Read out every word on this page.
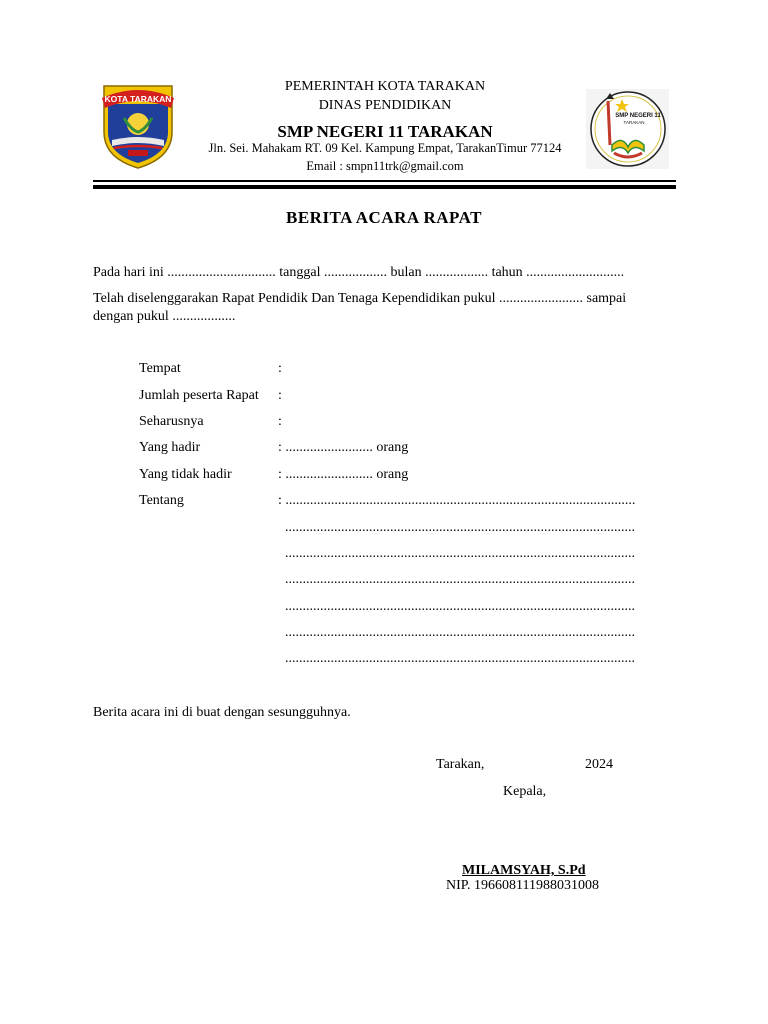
KOTA TARAKAN
SMP NEGERI 11
TARAKAN
PEMERINTAH KOTA TARAKAN
DINAS PENDIDIKAN
SMP NEGERI 11 TARAKAN
Jln. Sei. Mahakam RT. 09 Kel. Kampung Empat, TarakanTimur 77124
Email : smpn11trk@gmail.com
BERITA ACARA RAPAT
Pada hari ini ............................... tanggal .................. bulan .................. tahun ............................
Telah diselenggarakan Rapat Pendidik Dan Tenaga Kependidikan pukul ........................ sampai
dengan pukul ..................
Tempat	:
Jumlah peserta Rapat :
Seharusnya	:
Yang hadir	: ......................... orang
Yang tidak hadir	: ......................... orang
Tentang	: ....................................................................................................
....................................................................................................
....................................................................................................
....................................................................................................
....................................................................................................
....................................................................................................
....................................................................................................
Berita acara ini di buat dengan sesungguhnya.
Tarakan,	2024
Kepala,
MILAMSYAH, S.Pd
NIP. 196608111988031008
